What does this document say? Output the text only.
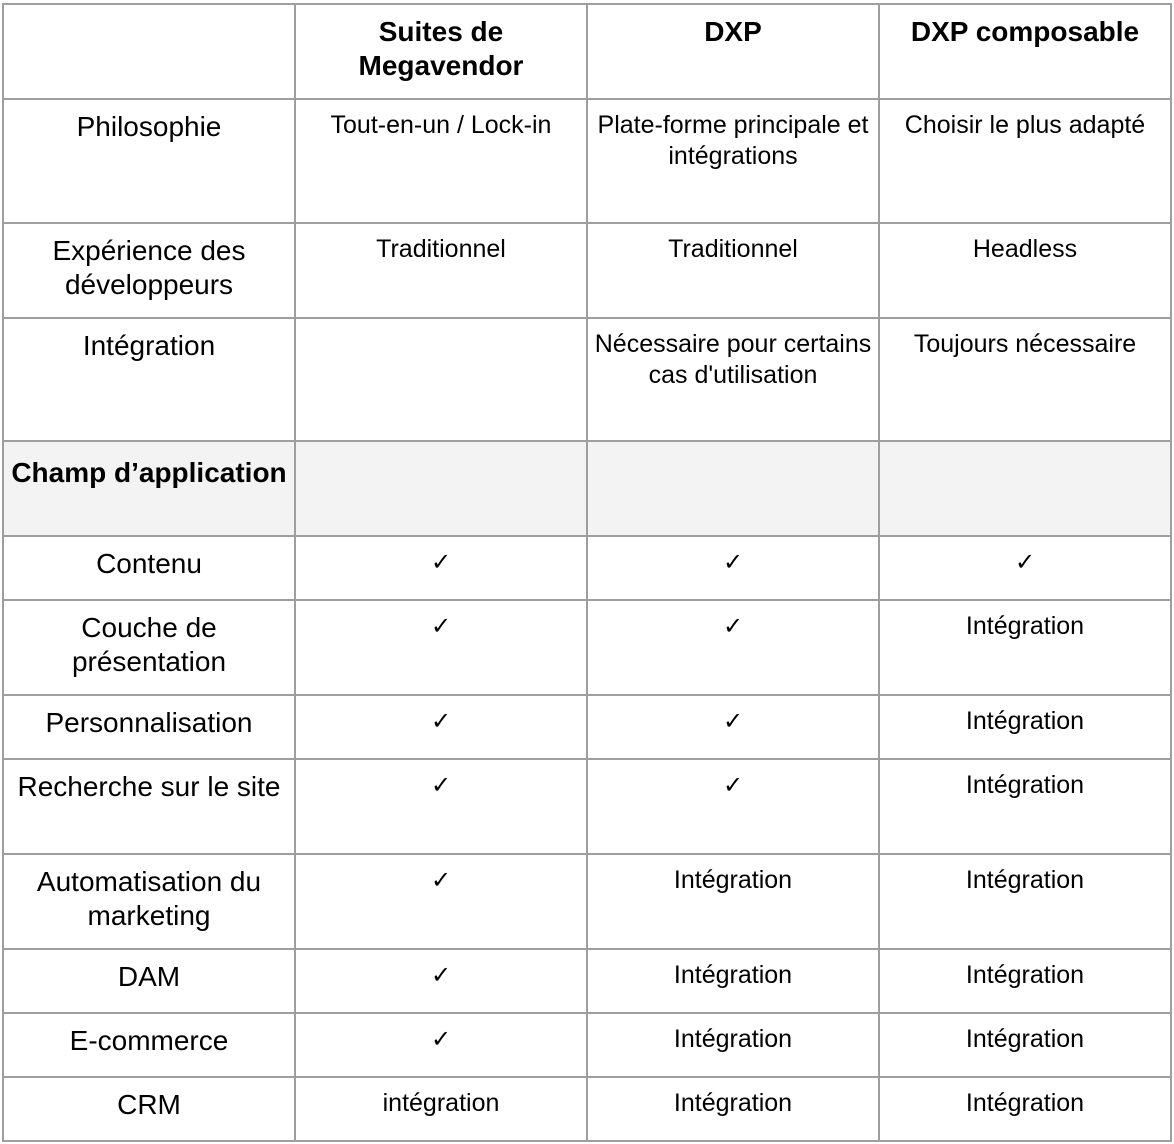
	Suites de Megavendor	DXP	DXP composable
Philosophie	Tout-en-un / Lock-in	Plate-forme principale et intégrations	Choisir le plus adapté
Expérience des développeurs	Traditionnel	Traditionnel	Headless
Intégration		Nécessaire pour certains cas d'utilisation	Toujours nécessaire
Champ d’application			
Contenu	✓	✓	✓
Couche de présentation	✓	✓	Intégration
Personnalisation	✓	✓	Intégration
Recherche sur le site	✓	✓	Intégration
Automatisation du marketing	✓	Intégration	Intégration
DAM	✓	Intégration	Intégration
E-commerce	✓	Intégration	Intégration
CRM	intégration	Intégration	Intégration
